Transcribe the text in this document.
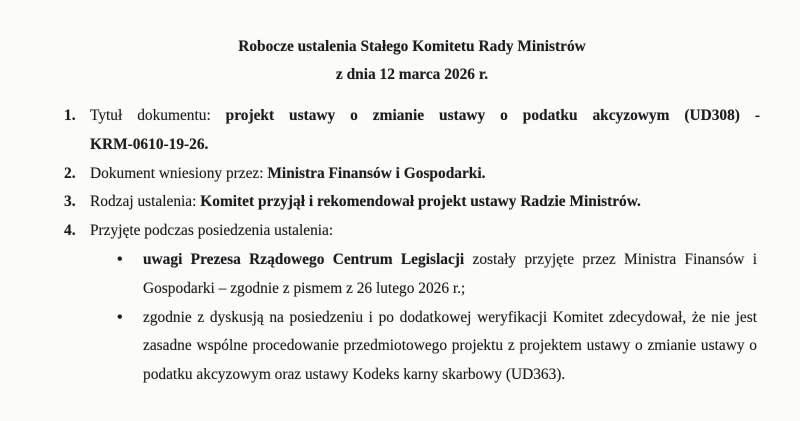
Robocze ustalenia Stałego Komitetu Rady Ministrów
z dnia 12 marca 2026 r.
1. Tytuł dokumentu: projekt ustawy o zmianie ustawy o podatku akcyzowym (UD308) - KRM-0610-19-26.
2. Dokument wniesiony przez: Ministra Finansów i Gospodarki.
3. Rodzaj ustalenia: Komitet przyjął i rekomendował projekt ustawy Radzie Ministrów.
4. Przyjęte podczas posiedzenia ustalenia:
• uwagi Prezesa Rządowego Centrum Legislacji zostały przyjęte przez Ministra Finansów i Gospodarki – zgodnie z pismem z 26 lutego 2026 r.;
• zgodnie z dyskusją na posiedzeniu i po dodatkowej weryfikacji Komitet zdecydował, że nie jest zasadne wspólne procedowanie przedmiotowego projektu z projektem ustawy o zmianie ustawy o podatku akcyzowym oraz ustawy Kodeks karny skarbowy (UD363).
